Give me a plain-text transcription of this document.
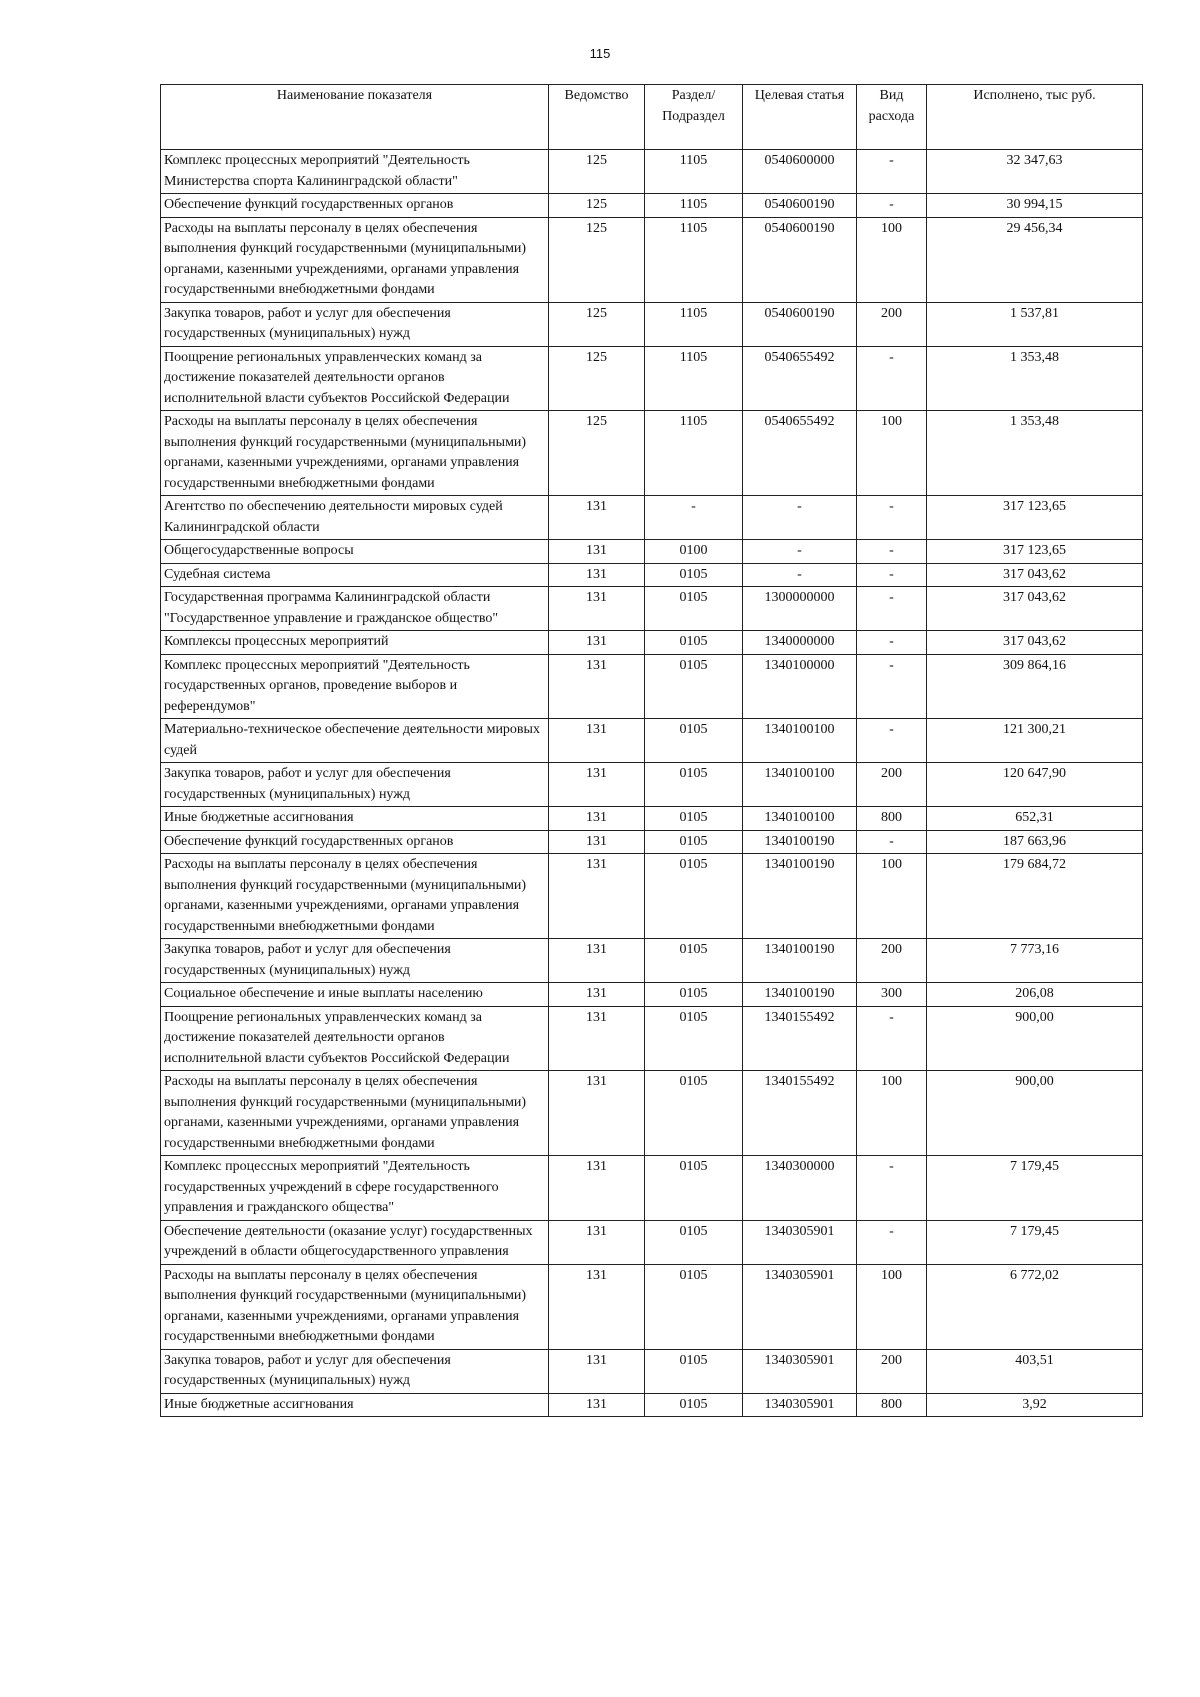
115
Наименование показателя	Ведомство	Раздел/ Подраздел	Целевая статья	Вид расхода	Исполнено, тыс руб.
Комплекс процессных мероприятий "Деятельность Министерства спорта Калининградской области"	125	1105	0540600000	-	32 347,63
Обеспечение функций государственных органов	125	1105	0540600190	-	30 994,15
Расходы на выплаты персоналу в целях обеспечения выполнения функций государственными (муниципальными) органами, казенными учреждениями, органами управления государственными внебюджетными фондами	125	1105	0540600190	100	29 456,34
Закупка товаров, работ и услуг для обеспечения государственных (муниципальных) нужд	125	1105	0540600190	200	1 537,81
Поощрение региональных управленческих команд за достижение показателей деятельности органов исполнительной власти субъектов Российской Федерации	125	1105	0540655492	-	1 353,48
Расходы на выплаты персоналу в целях обеспечения выполнения функций государственными (муниципальными) органами, казенными учреждениями, органами управления государственными внебюджетными фондами	125	1105	0540655492	100	1 353,48
Агентство по обеспечению деятельности мировых судей Калининградской области	131	-	-	-	317 123,65
Общегосударственные вопросы	131	0100	-	-	317 123,65
Судебная система	131	0105	-	-	317 043,62
Государственная программа Калининградской области "Государственное управление и гражданское общество"	131	0105	1300000000	-	317 043,62
Комплексы процессных мероприятий	131	0105	1340000000	-	317 043,62
Комплекс процессных мероприятий "Деятельность государственных органов, проведение выборов и референдумов"	131	0105	1340100000	-	309 864,16
Материально-техническое обеспечение деятельности мировых судей	131	0105	1340100100	-	121 300,21
Закупка товаров, работ и услуг для обеспечения государственных (муниципальных) нужд	131	0105	1340100100	200	120 647,90
Иные бюджетные ассигнования	131	0105	1340100100	800	652,31
Обеспечение функций государственных органов	131	0105	1340100190	-	187 663,96
Расходы на выплаты персоналу в целях обеспечения выполнения функций государственными (муниципальными) органами, казенными учреждениями, органами управления государственными внебюджетными фондами	131	0105	1340100190	100	179 684,72
Закупка товаров, работ и услуг для обеспечения государственных (муниципальных) нужд	131	0105	1340100190	200	7 773,16
Социальное обеспечение и иные выплаты населению	131	0105	1340100190	300	206,08
Поощрение региональных управленческих команд за достижение показателей деятельности органов исполнительной власти субъектов Российской Федерации	131	0105	1340155492	-	900,00
Расходы на выплаты персоналу в целях обеспечения выполнения функций государственными (муниципальными) органами, казенными учреждениями, органами управления государственными внебюджетными фондами	131	0105	1340155492	100	900,00
Комплекс процессных мероприятий "Деятельность государственных учреждений в сфере государственного управления и гражданского общества"	131	0105	1340300000	-	7 179,45
Обеспечение деятельности (оказание услуг) государственных учреждений в области общегосударственного управления	131	0105	1340305901	-	7 179,45
Расходы на выплаты персоналу в целях обеспечения выполнения функций государственными (муниципальными) органами, казенными учреждениями, органами управления государственными внебюджетными фондами	131	0105	1340305901	100	6 772,02
Закупка товаров, работ и услуг для обеспечения государственных (муниципальных) нужд	131	0105	1340305901	200	403,51
Иные бюджетные ассигнования	131	0105	1340305901	800	3,92
